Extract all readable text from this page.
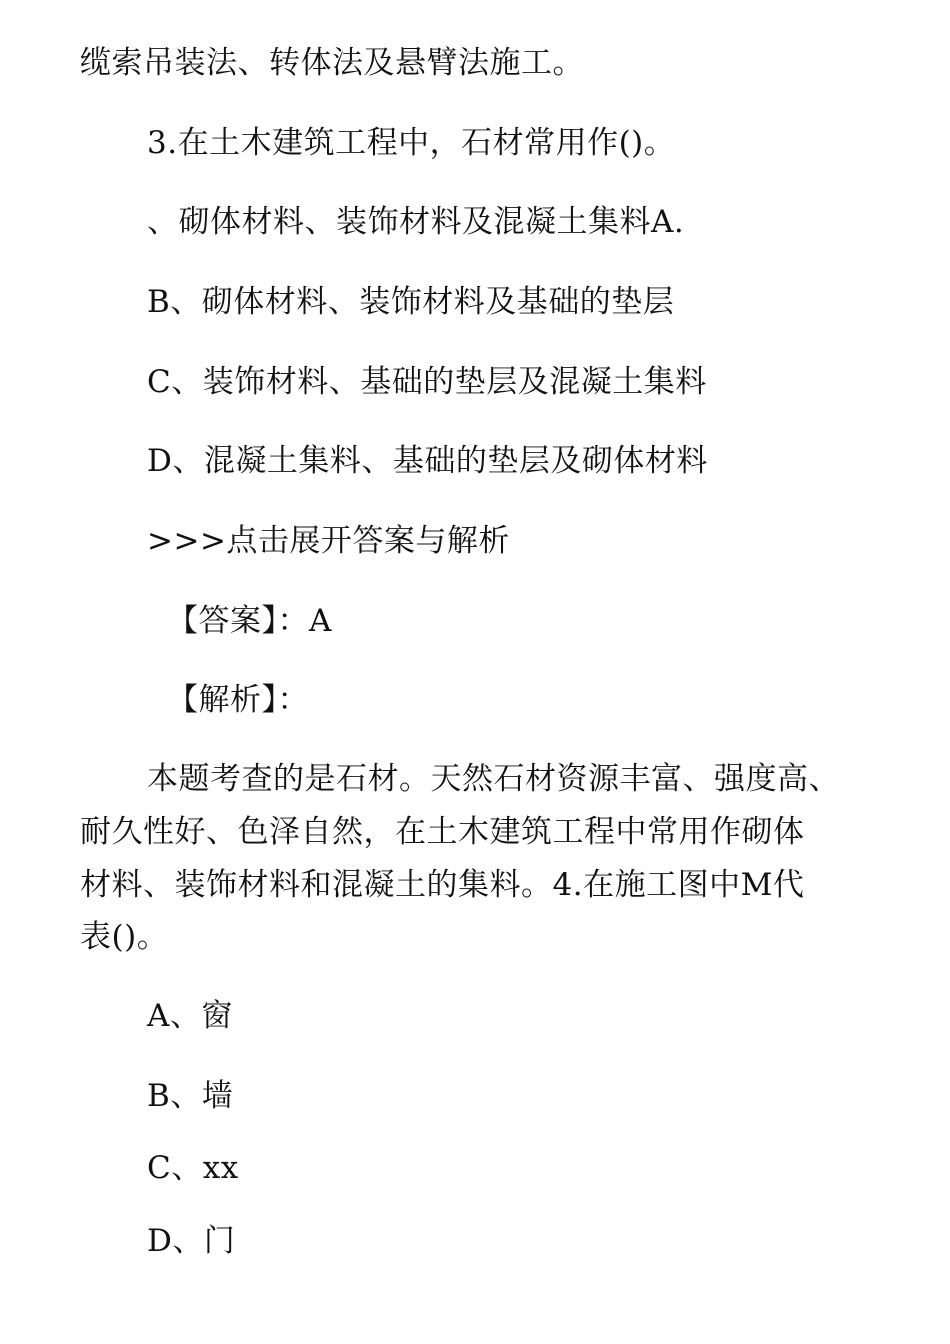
缆索吊装法、转体法及悬臂法施工。
3.在土木建筑工程中，石材常用作()。
、砌体材料、装饰材料及混凝土集料A.
B、砌体材料、装饰材料及基础的垫层
C、装饰材料、基础的垫层及混凝土集料
D、混凝土集料、基础的垫层及砌体材料
>>>点击展开答案与解析
【答案】：A
【解析】：
本题考查的是石材。天然石材资源丰富、强度高、
耐久性好、色泽自然，在土木建筑工程中常用作砌体
材料、装饰材料和混凝土的集料。4.在施工图中M代
表()。
A、窗
B、墙
C、xx
D、门
